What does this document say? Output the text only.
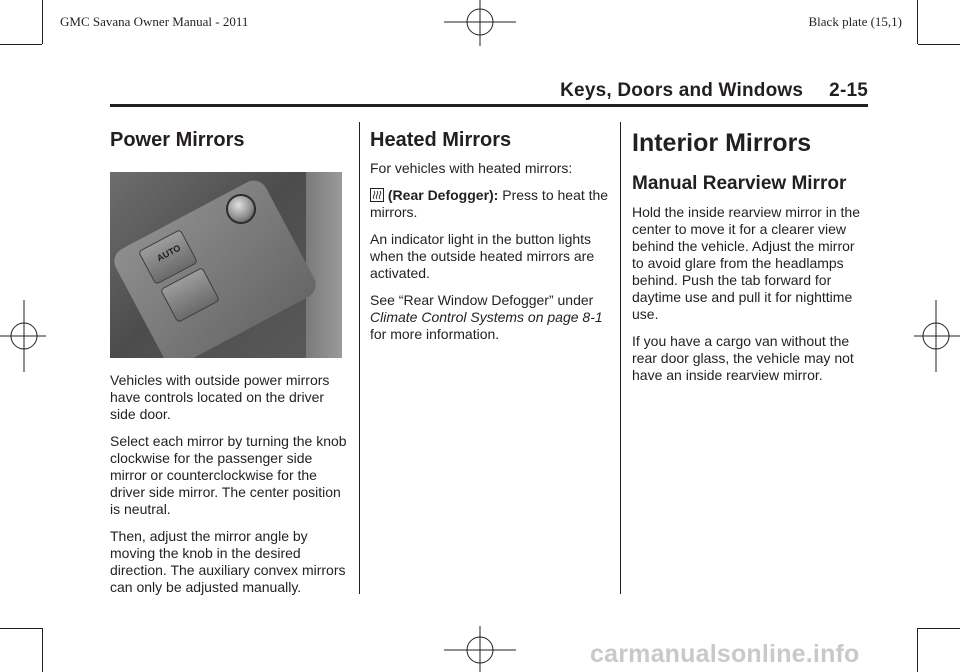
GMC Savana Owner Manual - 2011	Black plate (15,1)
Keys, Doors and Windows 2-15
Power Mirrors
AUTO

Vehicles with outside power mirrors have controls located on the driver side door.

Select each mirror by turning the knob clockwise for the passenger side mirror or counterclockwise for the driver side mirror. The center position is neutral.

Then, adjust the mirror angle by moving the knob in the desired direction. The auxiliary convex mirrors can only be adjusted manually.

Heated Mirrors

For vehicles with heated mirrors:

(Rear Defogger): Press to heat the mirrors.

An indicator light in the button lights when the outside heated mirrors are activated.

See “Rear Window Defogger” under Climate Control Systems on page 8-1 for more information.

Interior Mirrors
Manual Rearview Mirror

Hold the inside rearview mirror in the center to move it for a clearer view behind the vehicle. Adjust the mirror to avoid glare from the headlamps behind. Push the tab forward for daytime use and pull it for nighttime use.

If you have a cargo van without the rear door glass, the vehicle may not have an inside rearview mirror.

carmanualsonline.info
